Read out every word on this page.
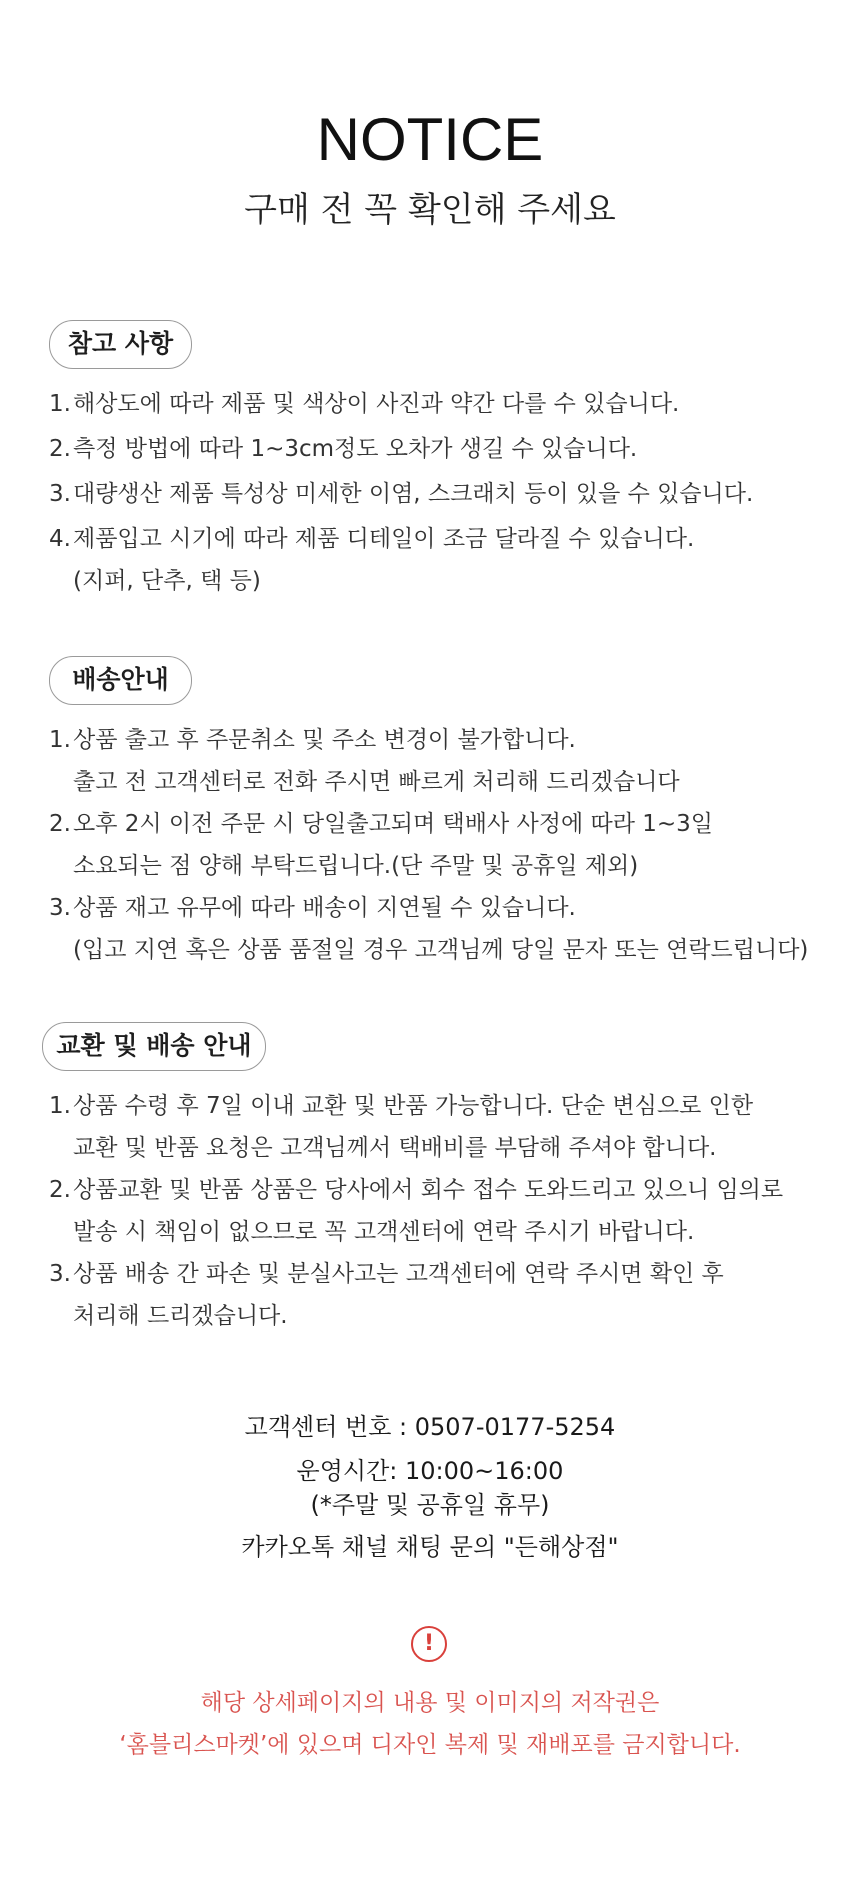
NOTICE
구매 전 꼭 확인해 주세요
참고 사항
1. 해상도에 따라 제품 및 색상이 사진과 약간 다를 수 있습니다.
2. 측정 방법에 따라 1~3cm정도 오차가 생길 수 있습니다.
3. 대량생산 제품 특성상 미세한 이염, 스크래치 등이 있을 수 있습니다.
4. 제품입고 시기에 따라 제품 디테일이 조금 달라질 수 있습니다.
(지퍼, 단추, 택 등)
배송안내
1. 상품 출고 후 주문취소 및 주소 변경이 불가합니다.
출고 전 고객센터로 전화 주시면 빠르게 처리해 드리겠습니다
2. 오후 2시 이전 주문 시 당일출고되며 택배사 사정에 따라 1~3일
소요되는 점 양해 부탁드립니다.(단 주말 및 공휴일 제외)
3. 상품 재고 유무에 따라 배송이 지연될 수 있습니다.
(입고 지연 혹은 상품 품절일 경우 고객님께 당일 문자 또는 연락드립니다)
교환 및 배송 안내
1. 상품 수령 후 7일 이내 교환 및 반품 가능합니다. 단순 변심으로 인한
교환 및 반품 요청은 고객님께서 택배비를 부담해 주셔야 합니다.
2. 상품교환 및 반품 상품은 당사에서 회수 접수 도와드리고 있으니 임의로
발송 시 책임이 없으므로 꼭 고객센터에 연락 주시기 바랍니다.
3. 상품 배송 간 파손 및 분실사고는 고객센터에 연락 주시면 확인 후
처리해 드리겠습니다.
고객센터 번호 : 0507-0177-5254
운영시간: 10:00~16:00
(*주말 및 공휴일 휴무)
카카오톡 채널 채팅 문의 "든해상점"
!
해당 상세페이지의 내용 및 이미지의 저작권은
‘홈블리스마켓’에 있으며 디자인 복제 및 재배포를 금지합니다.
